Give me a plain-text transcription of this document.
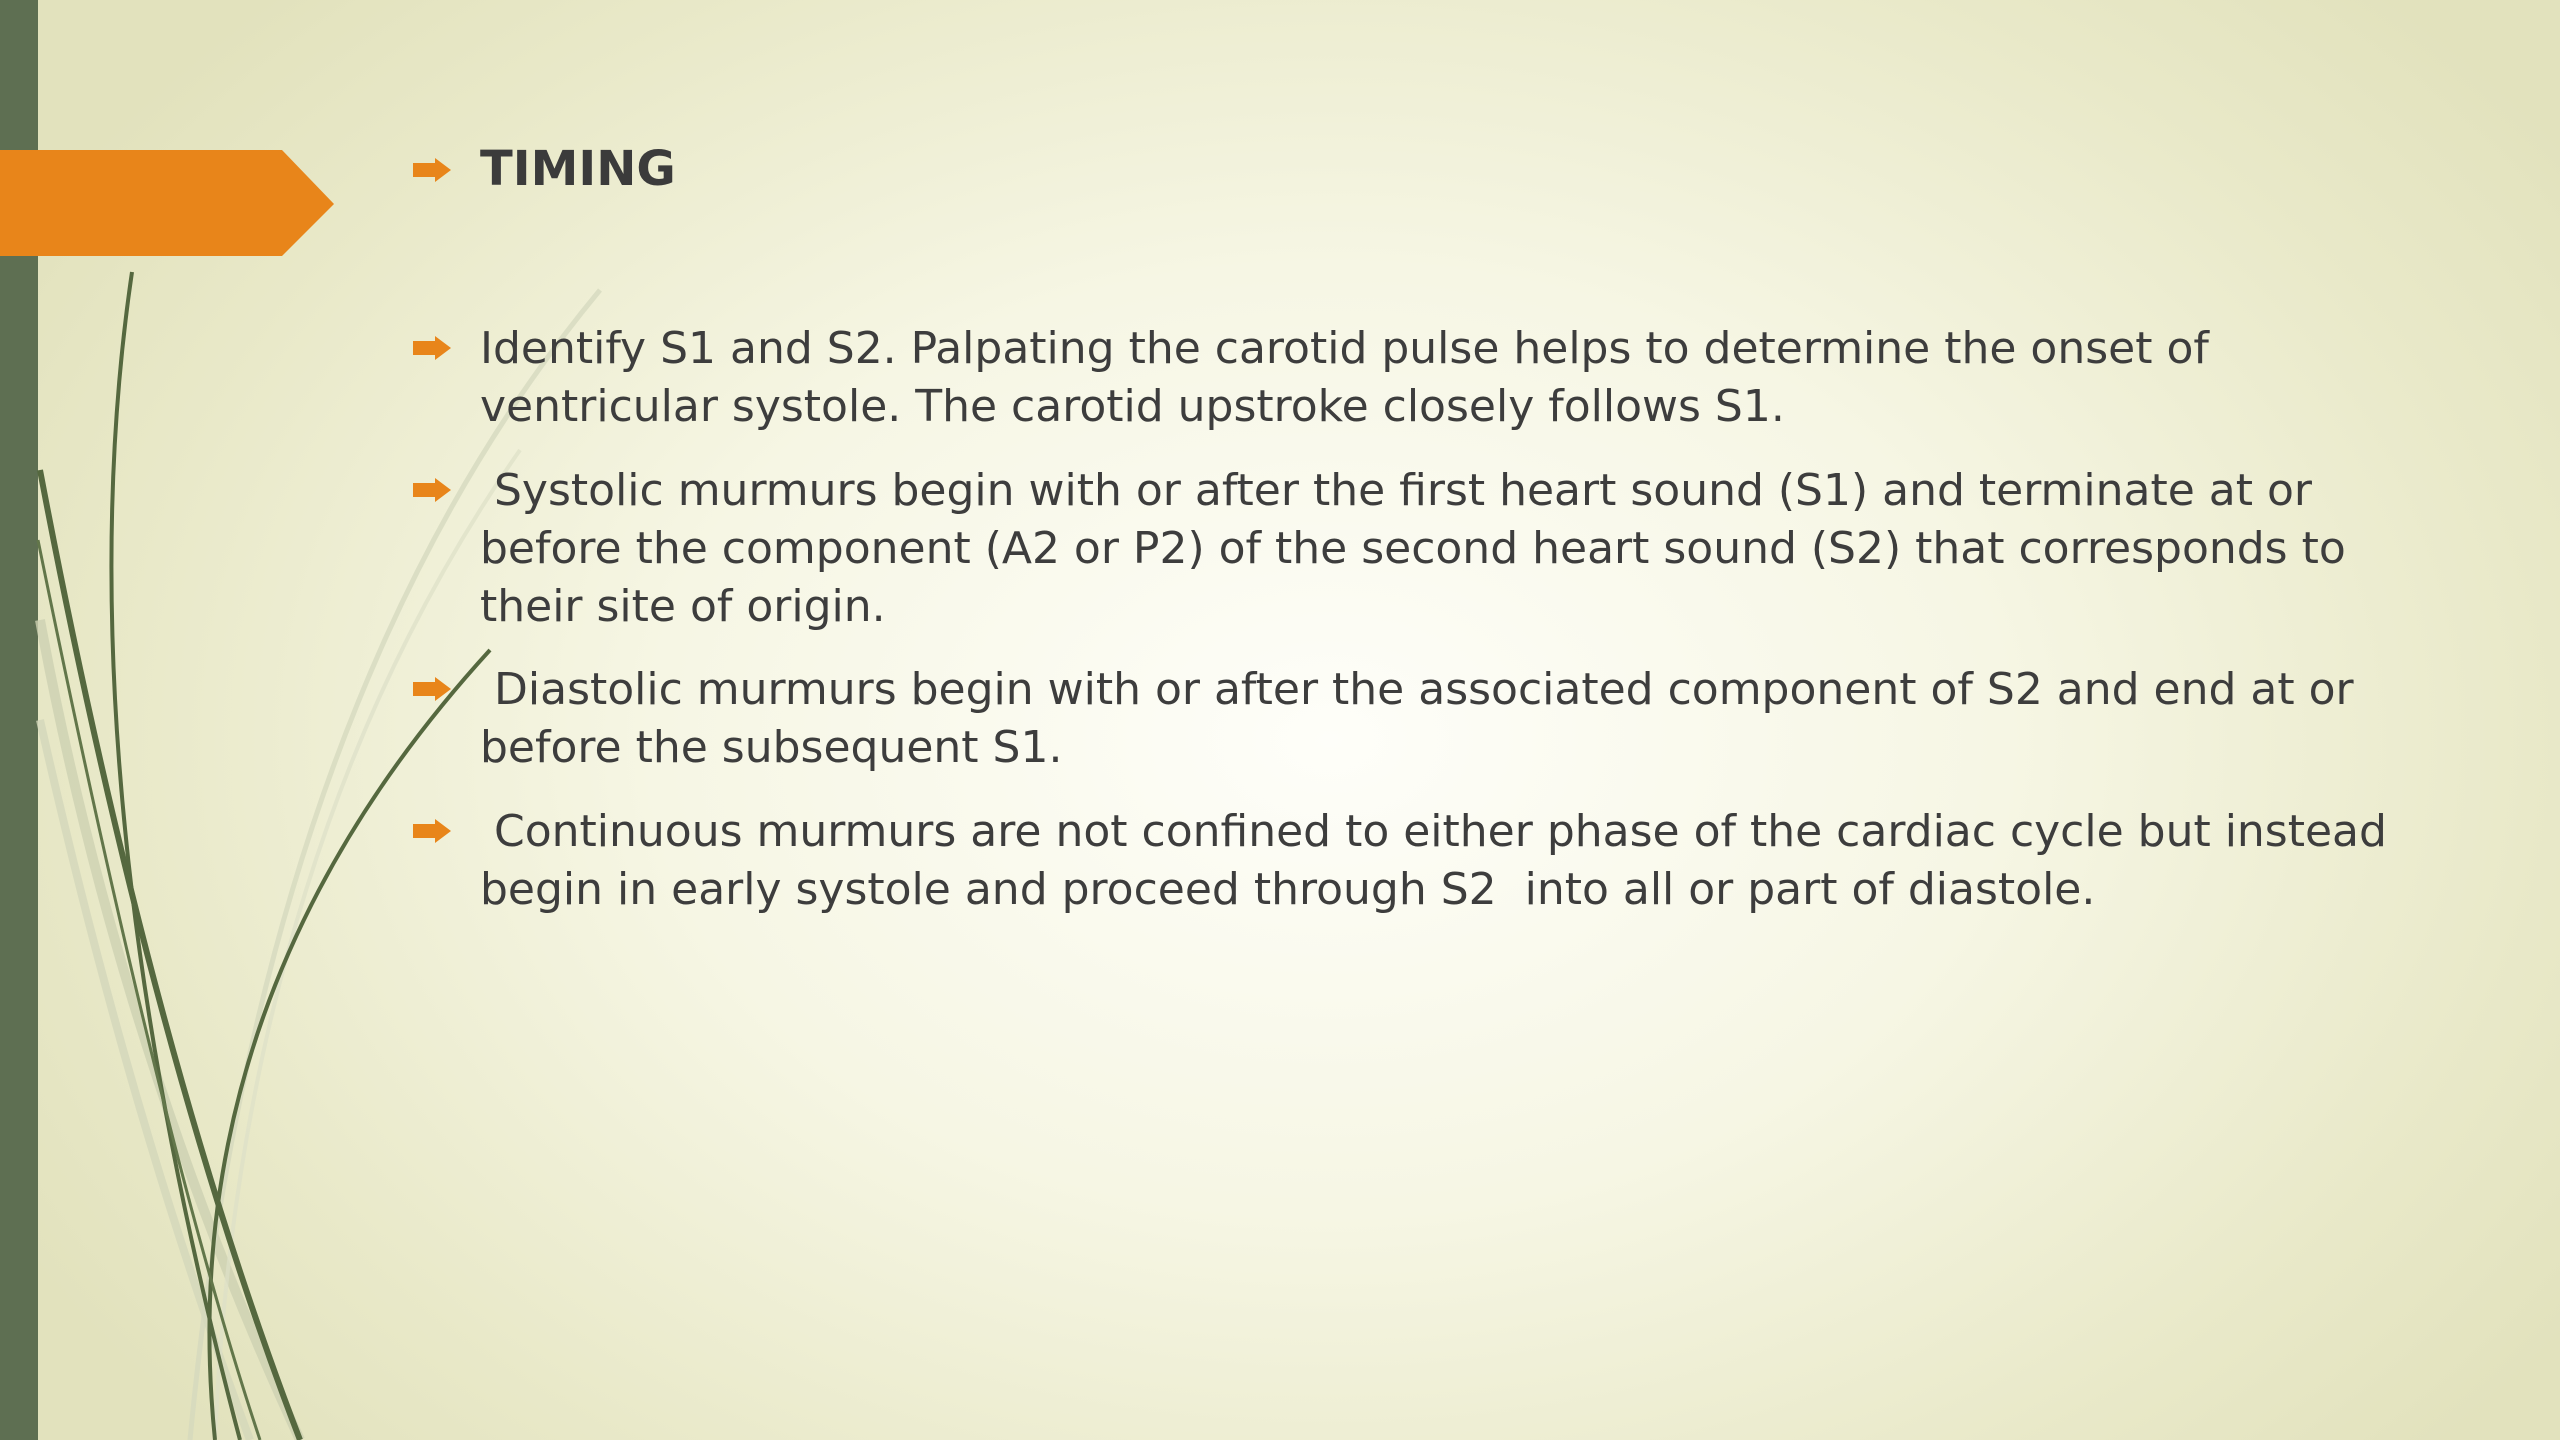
TIMING

Identify S1 and S2. Palpating the carotid pulse helps to determine the onset of ventricular systole. The carotid upstroke closely follows S1.

Systolic murmurs begin with or after the first heart sound (S1) and terminate at or before the component (A2 or P2) of the second heart sound (S2) that corresponds to their site of origin.

Diastolic murmurs begin with or after the associated component of S2 and end at or before the subsequent S1.

Continuous murmurs are not confined to either phase of the cardiac cycle but instead begin in early systole and proceed through S2  into all or part of diastole.
